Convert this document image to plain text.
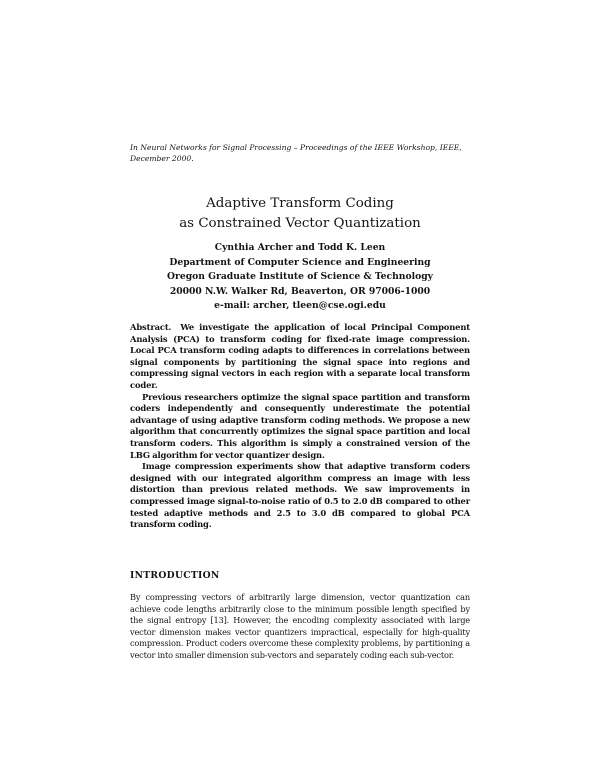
In Neural Networks for Signal Processing – Proceedings of the IEEE Workshop, IEEE, December 2000.
Adaptive Transform Coding
as Constrained Vector Quantization
Cynthia Archer and Todd K. Leen
Department of Computer Science and Engineering
Oregon Graduate Institute of Science & Technology
20000 N.W. Walker Rd, Beaverton, OR 97006-1000
e-mail: archer, tleen@cse.ogi.edu

Abstract. We investigate the application of local Principal Component Analysis (PCA) to transform coding for fixed-rate image compression. Local PCA transform coding adapts to differences in correlations between signal components by partitioning the signal space into regions and compressing signal vectors in each region with a separate local transform coder.

Previous researchers optimize the signal space partition and transform coders independently and consequently underestimate the potential advantage of using adaptive transform coding methods. We propose a new algorithm that concurrently optimizes the signal space partition and local transform coders. This algorithm is simply a constrained version of the LBG algorithm for vector quantizer design.

Image compression experiments show that adaptive transform coders designed with our integrated algorithm compress an image with less distortion than previous related methods. We saw improvements in compressed image signal-to-noise ratio of 0.5 to 2.0 dB compared to other tested adaptive methods and 2.5 to 3.0 dB compared to global PCA transform coding.

INTRODUCTION

By compressing vectors of arbitrarily large dimension, vector quantization can achieve code lengths arbitrarily close to the minimum possible length specified by the signal entropy [13]. However, the encoding complexity associated with large vector dimension makes vector quantizers impractical, especially for high-quality compression. Product coders overcome these complexity problems, by partitioning a vector into smaller dimension sub-vectors and separately coding each sub-vector.
